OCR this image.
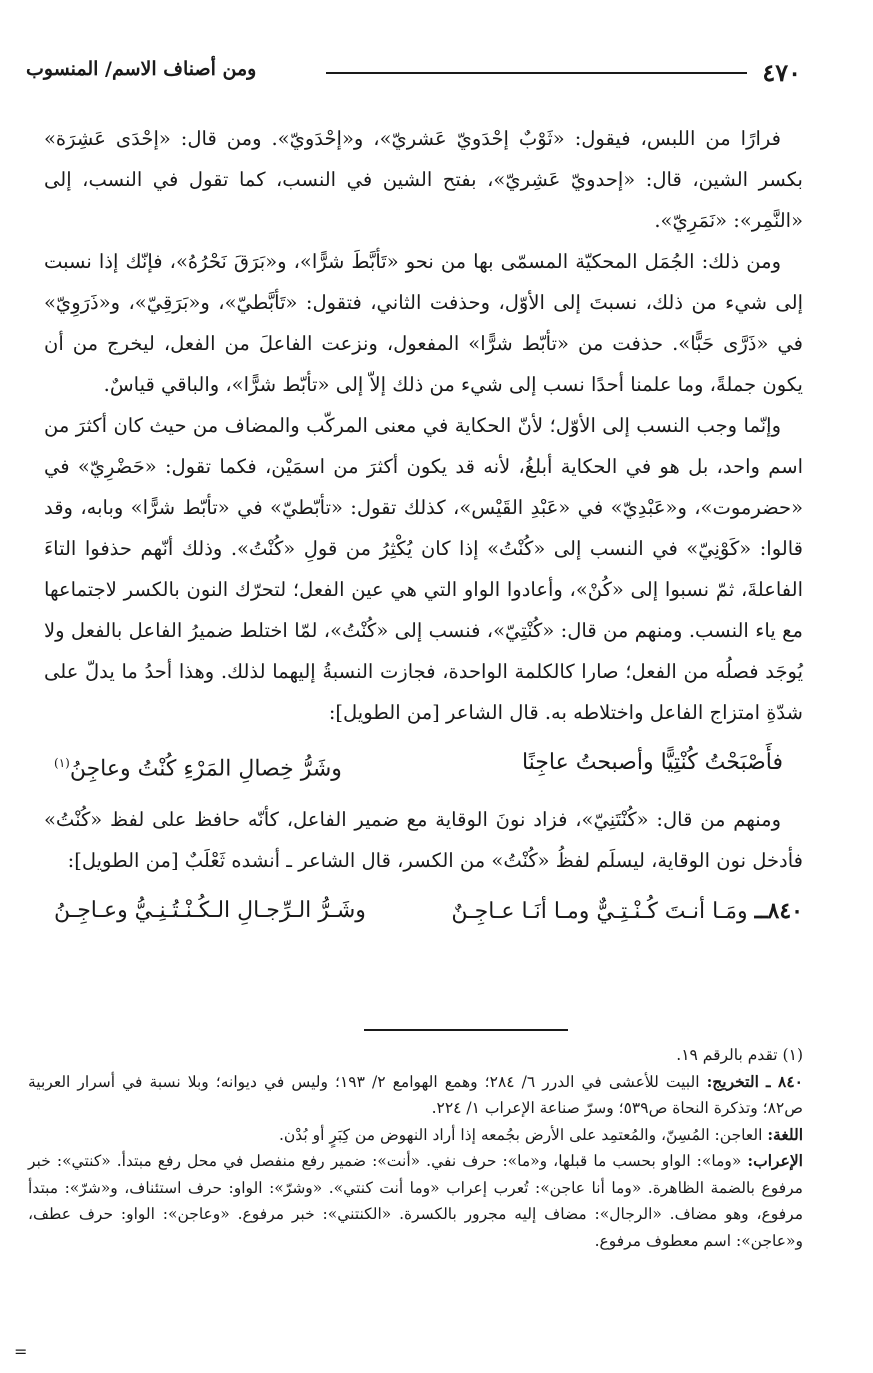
٤٧٠
ومن أصناف الاسم/ المنسوب

فرارًا من اللبس، فيقول: «ثَوْبٌ إحْدَويّ عَشريّ»، و«إحْدَويّ». ومن قال: «إحْدَى عَشِرَة» بكسر الشين، قال: «إحدويّ عَشِريّ»، بفتح الشين في النسب، كما تقول في النسب، إلى «النَّمِر»: «نَمَرِيّ».

ومن ذلك: الجُمَل المحكيّة المسمّى بها من نحو «تَأبَّطَ شرًّا»، و«بَرَقَ نَحْرُهُ»، فإنّك إذا نسبت إلى شيء من ذلك، نسبتَ إلى الأوّل، وحذفت الثاني، فتقول: «تَأبَّطيّ»، و«بَرَقِيّ»، و«ذَرَوِيّ» في «ذَرَّى حَبًّا». حذفت من «تأبّط شرًّا» المفعول، ونزعت الفاعلَ من الفعل، ليخرج من أن يكون جملةً، وما علمنا أحدًا نسب إلى شيء من ذلك إلاّ إلى «تأبّط شرًّا»، والباقي قياسٌ.

وإنّما وجب النسب إلى الأوّل؛ لأنّ الحكاية في معنى المركّب والمضاف من حيث كان أكثرَ من اسم واحد، بل هو في الحكاية أبلغُ، لأنه قد يكون أكثرَ من اسمَيْن، فكما تقول: «حَضْرِيّ» في «حضرموت»، و«عَبْدِيّ» في «عَبْدِ القَيْس»، كذلك تقول: «تأبّطيّ» في «تأبّط شرًّا» وبابه، وقد قالوا: «كَوْنِيّ» في النسب إلى «كُنْتُ» إذا كان يُكْثِرُ من قولِ «كُنْتُ». وذلك أنّهم حذفوا التاءَ الفاعلةَ، ثمّ نسبوا إلى «كُنْ»، وأعادوا الواو التي هي عين الفعل؛ لتحرّك النون بالكسر لاجتماعها مع ياء النسب. ومنهم من قال: «كُنْتِيّ»، فنسب إلى «كُنْتُ»، لمّا اختلط ضميرُ الفاعل بالفعل ولا يُوجَد فصلُه من الفعل؛ صارا كالكلمة الواحدة، فجازت النسبةُ إليهما لذلك. وهذا أحدُ ما يدلّ على شدّةِ امتزاج الفاعل واختلاطه به. قال الشاعر [من الطويل]:

فأَصْبَحْتُ كُنْتِيًّا وأصبحتُ عاجِنًا
وشَرُّ خِصالِ المَرْءِ كُنْتُ وعاجِنُ$^{(١)}$

ومنهم من قال: «كُنْتَنِيّ»، فزاد نونَ الوقاية مع ضمير الفاعل، كأنّه حافظ على لفظ «كُنْتُ» فأدخل نون الوقاية، ليسلَم لفظُ «كُنْتُ» من الكسر، قال الشاعر ـ أنشده ثَعْلَبٌ [من الطويل]:

٨٤٠ــ ومَـا أنـتَ كُـنْـتِـيٌّ ومـا أنَـا عـاجِـنٌ
وشَـرُّ الـرِّجـالِ الـكُـنْـتُـنِـيُّ وعـاجِـنُ

(١) تقدم بالرقم ١٩.

٨٤٠ ـ التخريج: البيت للأعشى في الدرر ٦/ ٢٨٤؛ وهمع الهوامع ٢/ ١٩٣؛ وليس في ديوانه؛ وبلا نسبة في أسرار العربية ص٨٢؛ وتذكرة النحاة ص٥٣٩؛ وسرّ صناعة الإعراب ١/ ٢٢٤.

اللغة: العاجن: المُسِنّ، والمُعتمِد على الأرض بجُمعه إذا أراد النهوض من كِبَرٍ أو بُدْن.

الإعراب: «وما»: الواو بحسب ما قبلها، و«ما»: حرف نفي. «أنت»: ضمير رفع منفصل في محل رفع مبتدأ. «كنتي»: خبر مرفوع بالضمة الظاهرة. «وما أنا عاجن»: تُعرب إعراب «وما أنت كنتي». «وشرّ»: الواو: حرف استئناف، و«شرّ»: مبتدأ مرفوع، وهو مضاف. «الرجال»: مضاف إليه مجرور بالكسرة. «الكنتني»: خبر مرفوع. «وعاجن»: الواو: حرف عطف، و«عاجن»: اسم معطوف مرفوع.

=
